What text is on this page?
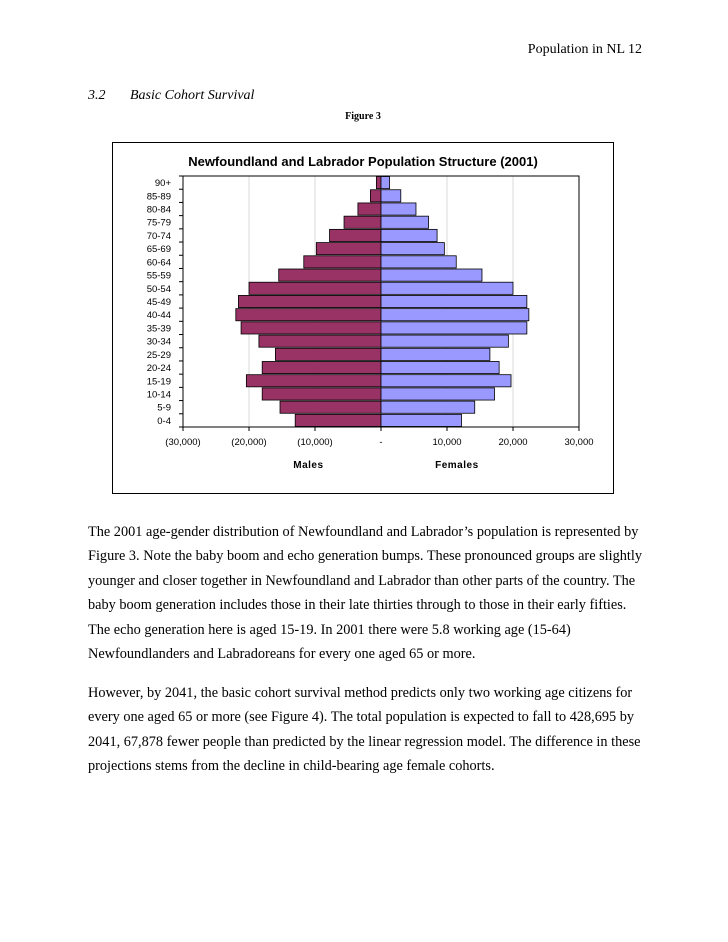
Population in NL 12
3.2 Basic Cohort Survival
Figure 3
Newfoundland and Labrador Population Structure (2001)
90+
85-89
80-84
75-79
70-74
65-69
60-64
55-59
50-54
45-49
40-44
35-39
30-34
25-29
20-24
15-19
10-14
5-9
0-4
(30,000)	(20,000)	(10,000)	-	10,000	20,000	30,000
Males	Females
The 2001 age-gender distribution of Newfoundland and Labrador’s population is represented by Figure 3. Note the baby boom and echo generation bumps. These pronounced groups are slightly younger and closer together in Newfoundland and Labrador than other parts of the country. The baby boom generation includes those in their late thirties through to those in their early fifties. The echo generation here is aged 15-19. In 2001 there were 5.8 working age (15-64) Newfoundlanders and Labradoreans for every one aged 65 or more.
However, by 2041, the basic cohort survival method predicts only two working age citizens for every one aged 65 or more (see Figure 4). The total population is expected to fall to 428,695 by 2041, 67,878 fewer people than predicted by the linear regression model. The difference in these projections stems from the decline in child-bearing age female cohorts.
